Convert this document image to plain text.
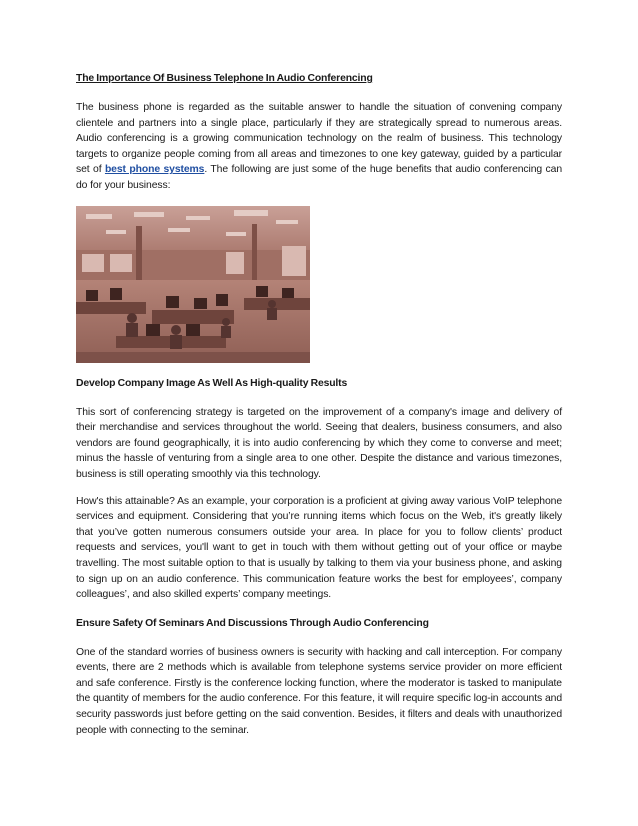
The Importance Of Business Telephone In Audio Conferencing

The business phone is regarded as the suitable answer to handle the situation of convening company clientele and partners into a single place, particularly if they are strategically spread to numerous areas. Audio conferencing is a growing communication technology on the realm of business. This technology targets to organize people coming from all areas and timezones to one key gateway, guided by a particular set of best phone systems. The following are just some of the huge benefits that audio conferencing can do for your business:

Develop Company Image As Well As High-quality Results

This sort of conferencing strategy is targeted on the improvement of a company's image and delivery of their merchandise and services throughout the world. Seeing that dealers, business consumers, and also vendors are found geographically, it is into audio conferencing by which they come to converse and meet; minus the hassle of venturing from a single area to one other. Despite the distance and various timezones, business is still operating smoothly via this technology.

How's this attainable? As an example, your corporation is a proficient at giving away various VoIP telephone services and equipment. Considering that you’re running items which focus on the Web, it's greatly likely that you’ve gotten numerous consumers outside your area. In place for you to follow clients’ product requests and services, you'll want to get in touch with them without getting out of your office or maybe travelling. The most suitable option to that is usually by talking to them via your business phone, and asking to sign up on an audio conference. This communication feature works the best for employees’, company colleagues’, and also skilled experts’ company meetings.

Ensure Safety Of Seminars And Discussions Through Audio Conferencing

One of the standard worries of business owners is security with hacking and call interception. For company events, there are 2 methods which is available from telephone systems service provider on more efficient and safe conference. Firstly is the conference locking function, where the moderator is tasked to manipulate the quantity of members for the audio conference. For this feature, it will require specific log-in accounts and security passwords just before getting on the said convention. Besides, it filters and deals with unauthorized people with connecting to the seminar.
